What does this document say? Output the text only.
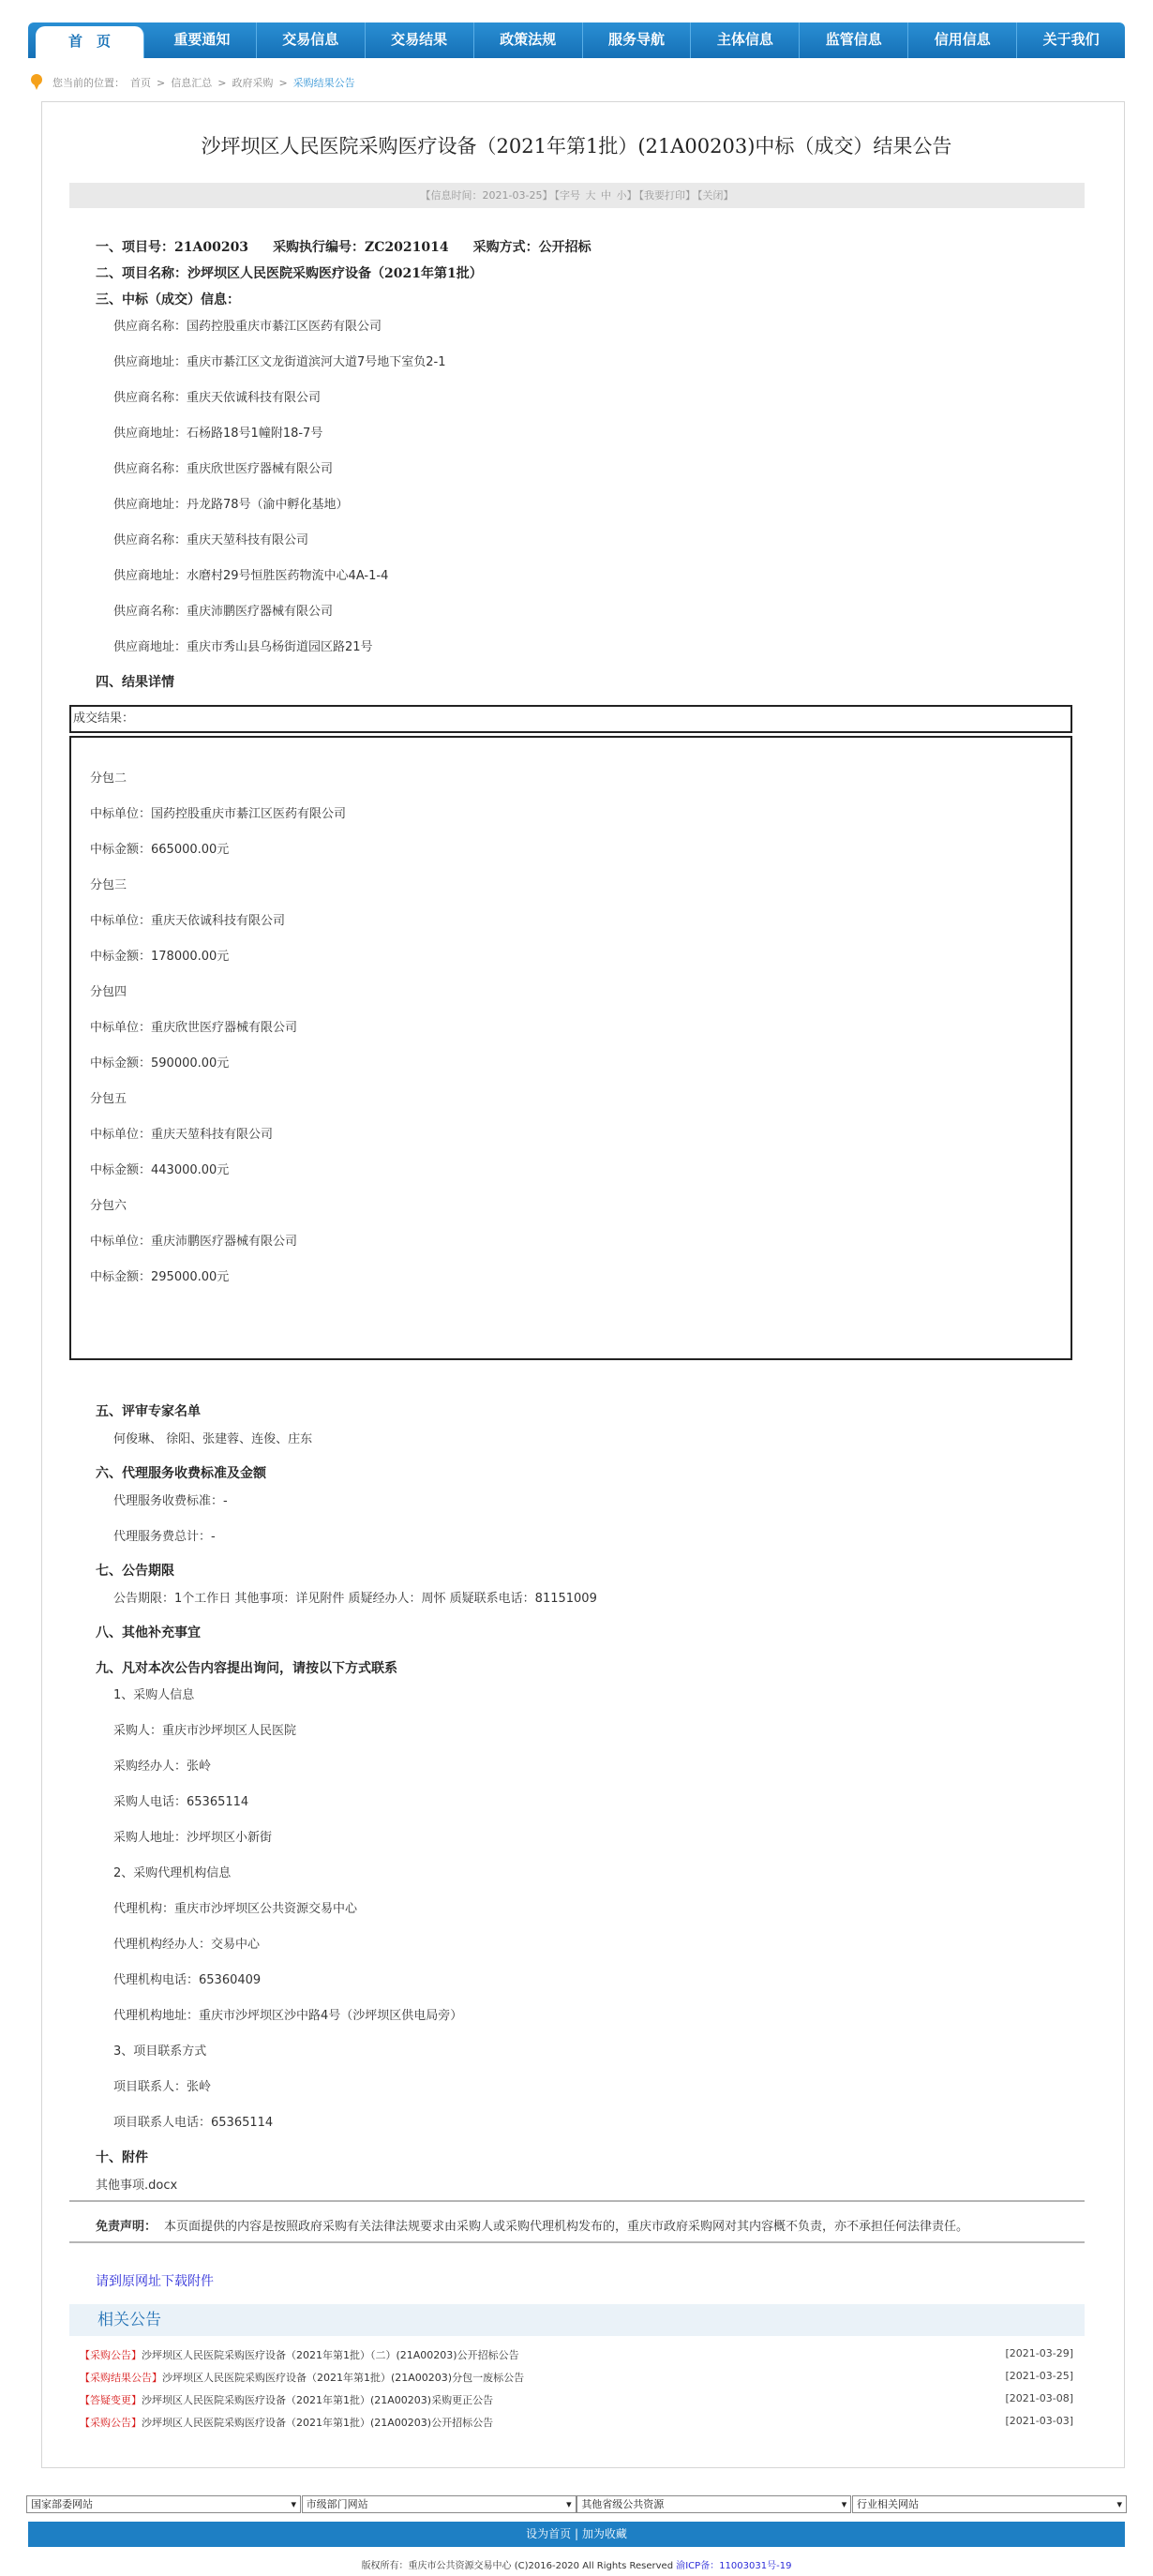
首　页	重要通知	交易信息	交易结果	政策法规	服务导航	主体信息	监管信息	信用信息	关于我们
您当前的位置： 首页 > 信息汇总 > 政府采购 > 采购结果公告
沙坪坝区人民医院采购医疗设备（2021年第1批）(21A00203)中标（成交）结果公告
【信息时间：2021-03-25】 【字号 大 中 小】 【我要打印】 【关闭】
一、项目号：21A00203 采购执行编号：ZC2021014 采购方式：公开招标
二、项目名称：沙坪坝区人民医院采购医疗设备（2021年第1批）
三、中标（成交）信息：
供应商名称：国药控股重庆市綦江区医药有限公司
供应商地址：重庆市綦江区文龙街道滨河大道7号地下室负2-1
供应商名称：重庆天依诚科技有限公司
供应商地址：石杨路18号1幢附18-7号
供应商名称：重庆欣世医疗器械有限公司
供应商地址：丹龙路78号（渝中孵化基地）
供应商名称：重庆天堃科技有限公司
供应商地址：水磨村29号恒胜医药物流中心4A-1-4
供应商名称：重庆沛鹏医疗器械有限公司
供应商地址：重庆市秀山县乌杨街道园区路21号
四、结果详情
成交结果：
分包二
中标单位：国药控股重庆市綦江区医药有限公司
中标金额：665000.00元
分包三
中标单位：重庆天依诚科技有限公司
中标金额：178000.00元
分包四
中标单位：重庆欣世医疗器械有限公司
中标金额：590000.00元
分包五
中标单位：重庆天堃科技有限公司
中标金额：443000.00元
分包六
中标单位：重庆沛鹏医疗器械有限公司
中标金额：295000.00元
五、评审专家名单
何俊琳、 徐阳、张建蓉、连俊、庄东
六、代理服务收费标准及金额
代理服务收费标准：-
代理服务费总计：-
七、公告期限
公告期限：1个工作日 其他事项：详见附件 质疑经办人：周怀 质疑联系电话：81151009
八、其他补充事宜
九、凡对本次公告内容提出询问，请按以下方式联系
1、采购人信息
采购人：重庆市沙坪坝区人民医院
采购经办人：张岭
采购人电话：65365114
采购人地址：沙坪坝区小新街
2、采购代理机构信息
代理机构：重庆市沙坪坝区公共资源交易中心
代理机构经办人：交易中心
代理机构电话：65360409
代理机构地址：重庆市沙坪坝区沙中路4号（沙坪坝区供电局旁）
3、项目联系方式
项目联系人：张岭
项目联系人电话：65365114
十、附件
其他事项.docx
免责声明： 本页面提供的内容是按照政府采购有关法律法规要求由采购人或采购代理机构发布的，重庆市政府采购网对其内容概不负责，亦不承担任何法律责任。
请到原网址下载附件
相关公告
【采购公告】沙坪坝区人民医院采购医疗设备（2021年第1批）（二）(21A00203)公开招标公告	[2021-03-29]
【采购结果公告】沙坪坝区人民医院采购医疗设备（2021年第1批）(21A00203)分包一废标公告	[2021-03-25]
【答疑变更】沙坪坝区人民医院采购医疗设备（2021年第1批）(21A00203)采购更正公告	[2021-03-08]
【采购公告】沙坪坝区人民医院采购医疗设备（2021年第1批）(21A00203)公开招标公告	[2021-03-03]
国家部委网站 ▾	市级部门网站 ▾	其他省级公共资源 ▾	行业相关网站 ▾
设为首页 | 加为收藏
版权所有：重庆市公共资源交易中心 (C)2016-2020 All Rights Reserved 渝ICP备：11003031号-19
